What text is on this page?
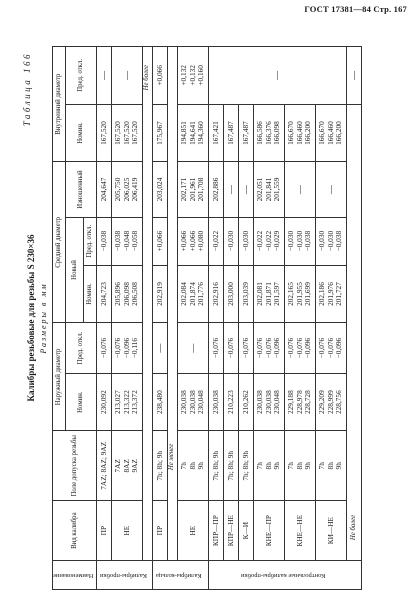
ГОСТ 17381—84 Стр. 167
Таблица 166
Калибры резьбовые для резьбы S 230×36 Размеры в мм
Наименование	Вид калибра	Поле допуска резьбы	Наружный диаметр		Средний диаметр			Внутренний диаметр	
			Номин.	Пред. откл.	Новый		Изношенный	Номин.	Пред. откл.
					Номин.	Пред. откл.			
Калибры-пробки	ПР	7AZ; 8AZ; 9AZ	230,092	−0,076	204,723	−0,038	204,647	167,520	—
	НЕ	7AZ 8AZ 9AZ	213,027 213,322 213,372	−0,076 −0,096 −0,116	205,896 206,098 206,508	−0,038 −0,048 −0,058	205,750 206,025 206,419	167,520 167,520 167,520	—
	Не более								
Калибры-кольца	ПР	7h; 8h; 9h	238,480	—	202,919	+0,066	203,024	175,967	+0,066
	Не менее								
	НЕ	7h 8h 9h	230,038 230,038 230,048	—	202,084 201,874 201,776	+0,066 +0,066 +0,080	202,171 201,961 201,708	194,851 194,641 194,360	+0,132 +0,132 +0,160

Контрольные калибры-пробки	КПР—ПР	7h; 8h; 9h	230,038	−0,076	202,916	−0,022	202,886	167,421	—
	КПР—НЕ	7h; 8h; 9h	210,223	−0,076	203,000	−0,030	—	167,487	
	К—И	7h; 8h; 9h	210,262	−0,076	203,039	−0,030	—	167,487	
	КНЕ—ПР	7h 8h 9h	230,038 230,038 230,048	−0,076 −0,076 −0,096	202,081 201,871 201,597	−0,022 −0,022 −0,029	202,051 201,841 201,559	166,586 166,376 166,098	

	КНЕ—НЕ	7h 8h 9h	229,188 228,978 228,728	−0,076 −0,076 −0,096	202,165 201,955 201,699	−0,030 −0,030 −0,038	—	166,670 166,460 166,200	

	КИ—НЕ	7h 8h 9h	229,209 228,999 228,756	−0,076 −0,076 −0,096	202,186 201,976 201,727	−0,030 −0,030 −0,038	—	166,670 166,460 166,200	

	Не более								—
